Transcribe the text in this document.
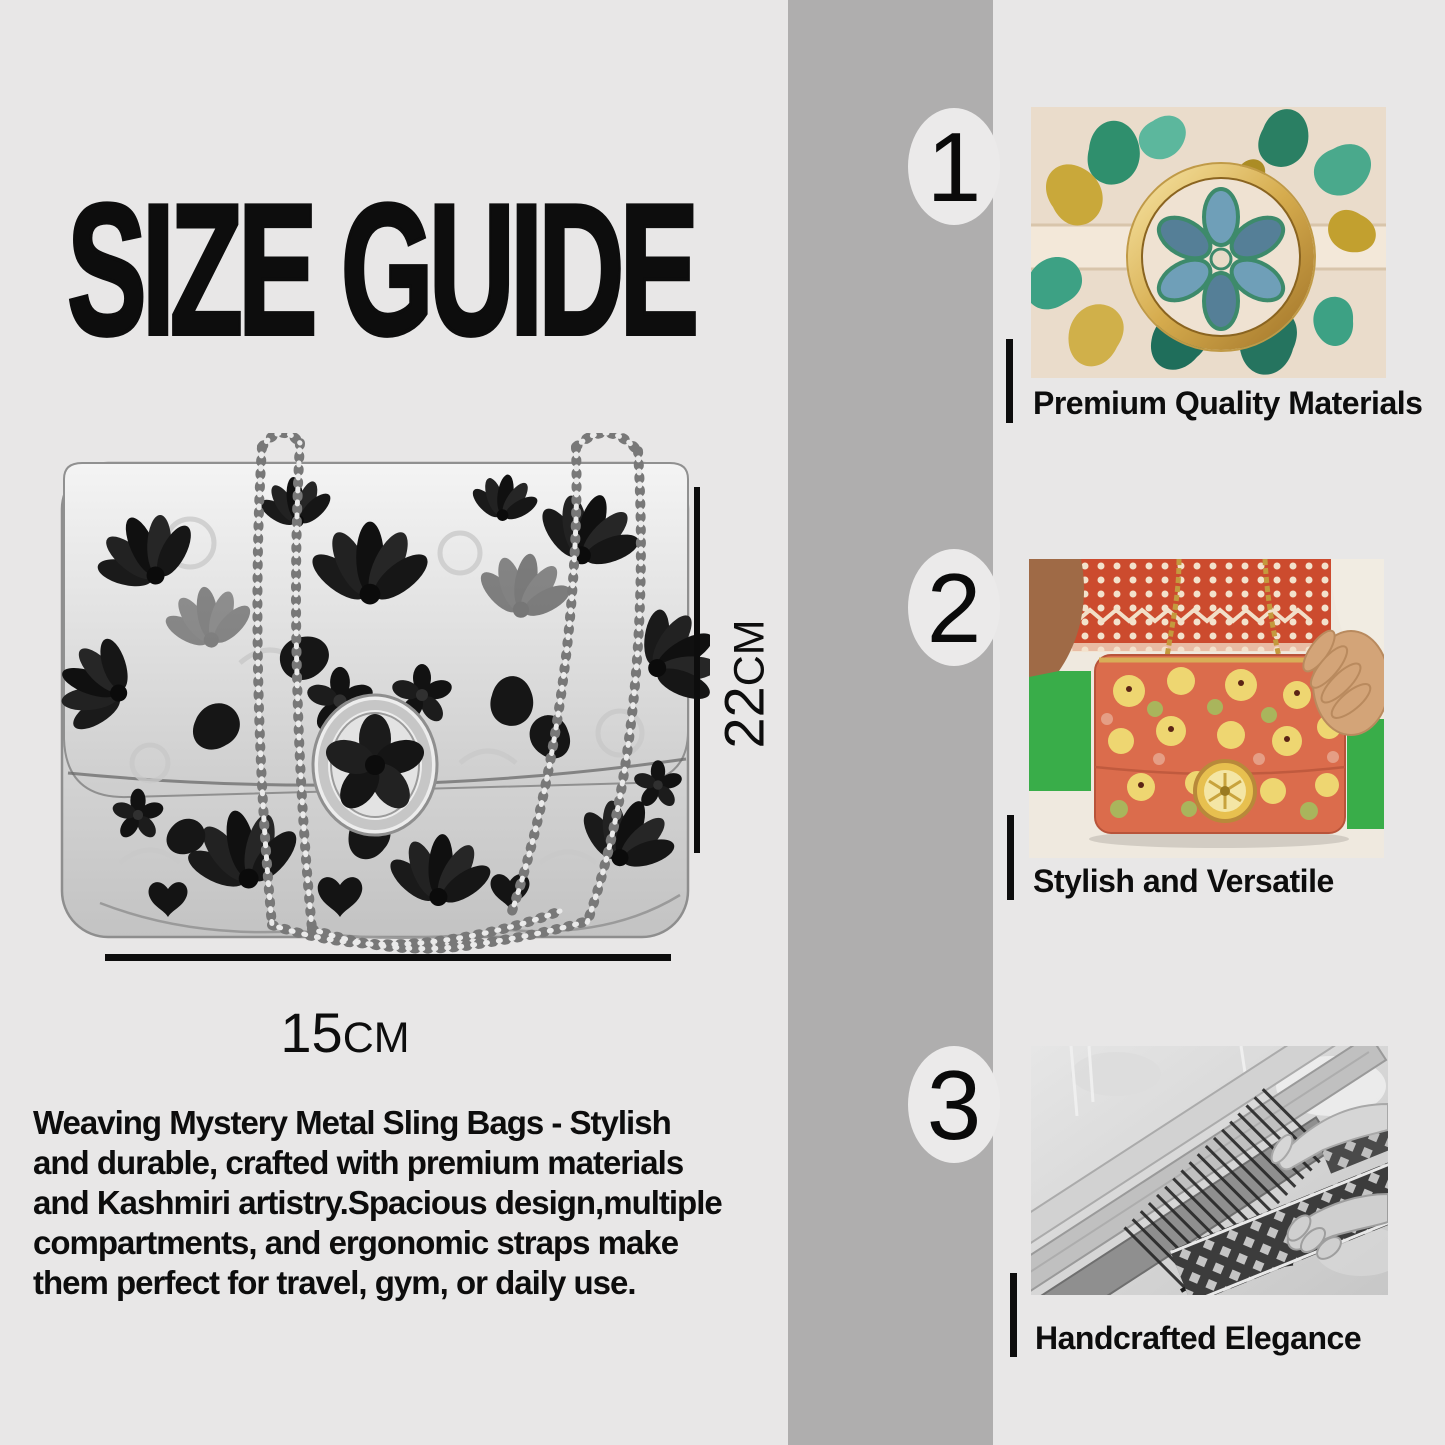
SIZE GUIDE
22CM
15CM
Weaving Mystery Metal Sling Bags - Stylish
and durable, crafted with premium materials
and Kashmiri artistry.Spacious design,multiple
compartments, and ergonomic straps make
them perfect for travel, gym, or daily use.
1
Premium Quality Materials
2
Stylish and Versatile
3
Handcrafted Elegance
